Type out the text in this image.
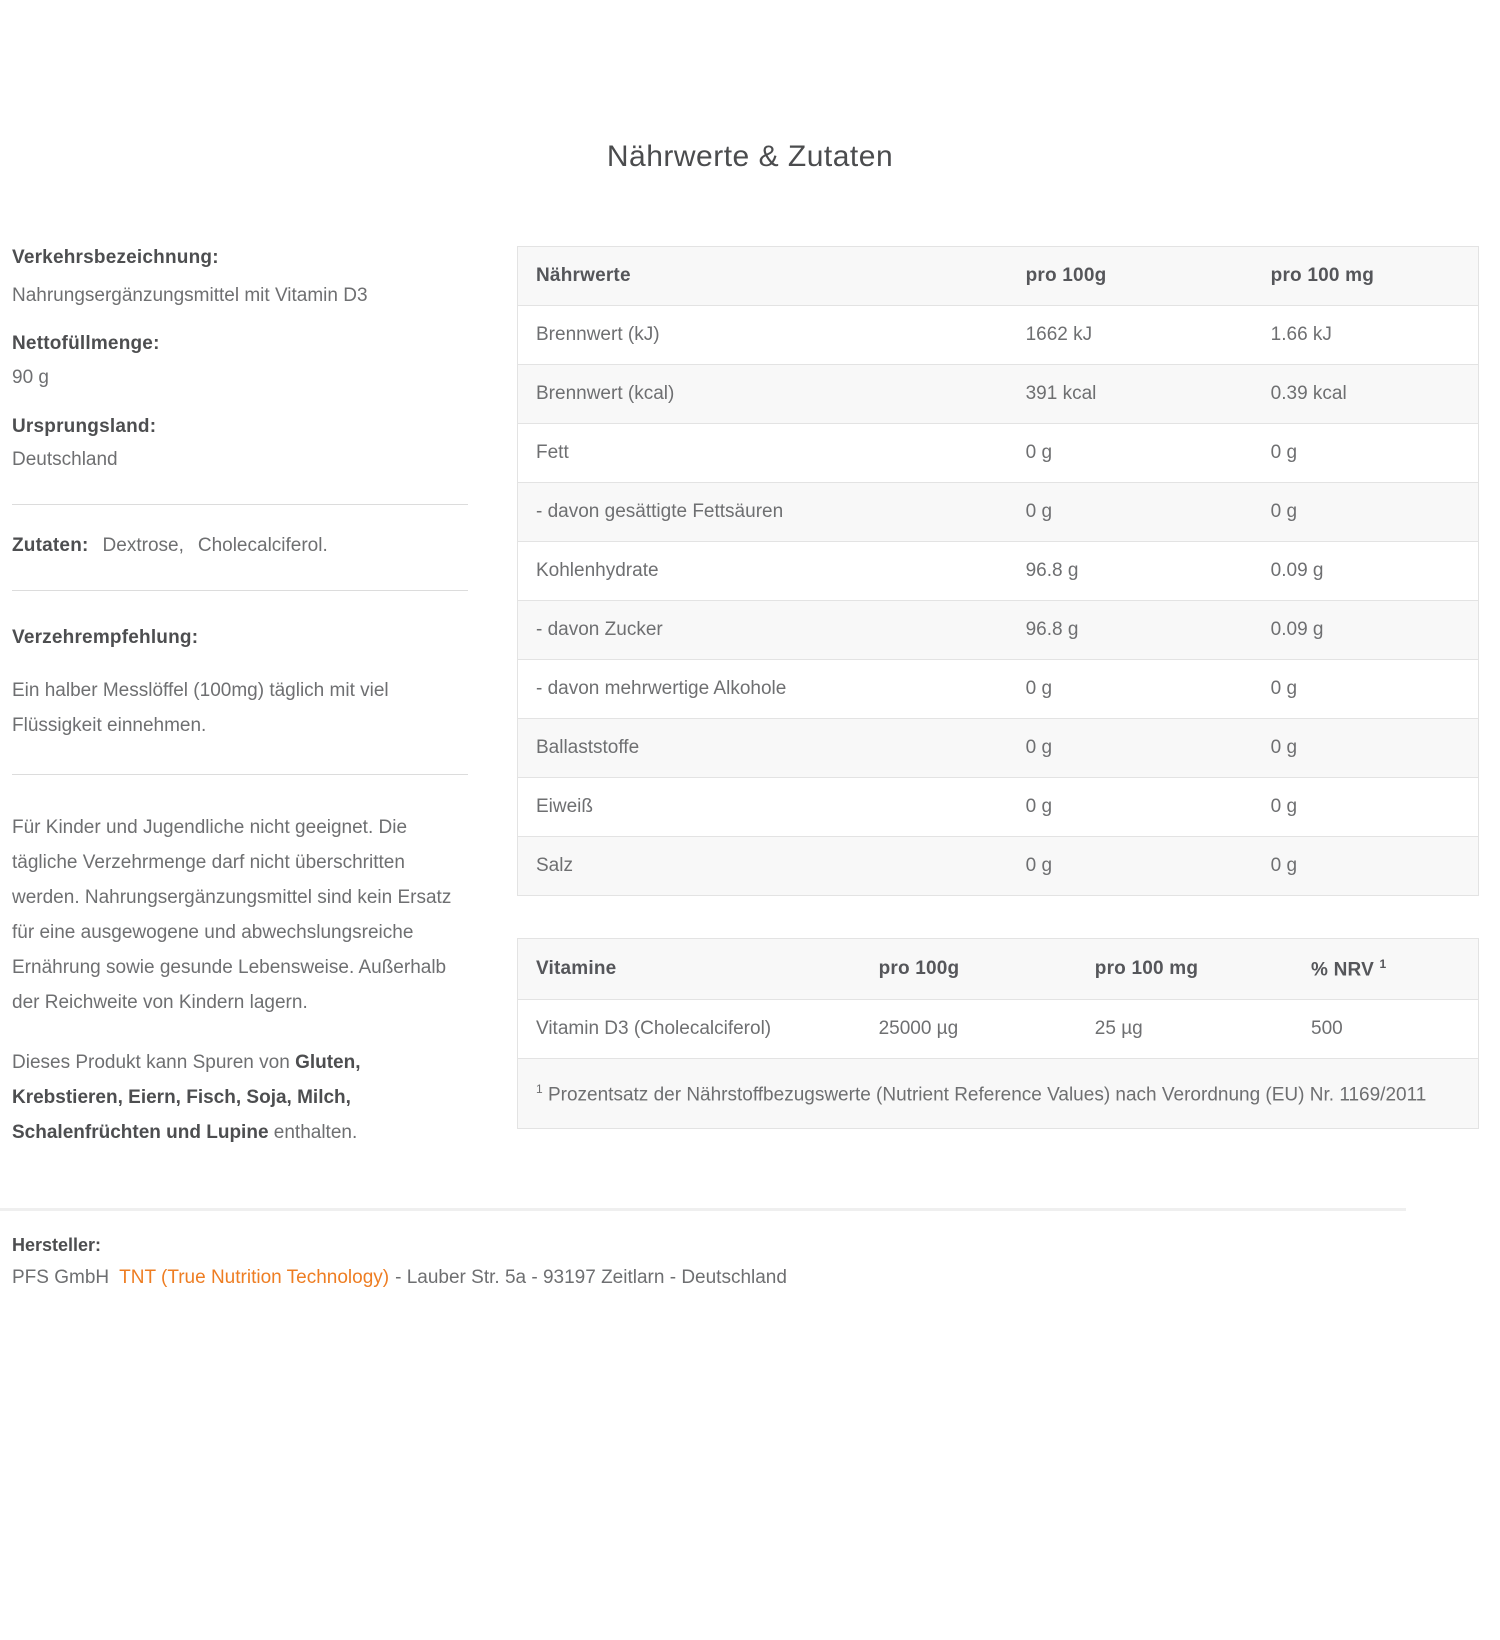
Nährwerte & Zutaten
Verkehrsbezeichnung:
Nahrungsergänzungsmittel mit Vitamin D3
Nettofüllmenge:
90 g
Ursprungsland:
Deutschland
Zutaten: Dextrose, Cholecalciferol.
Verzehrempfehlung:

Ein halber Messlöffel (100mg) täglich mit viel Flüssigkeit einnehmen.

Für Kinder und Jugendliche nicht geeignet. Die tägliche Verzehrmenge darf nicht überschritten werden. Nahrungsergänzungsmittel sind kein Ersatz für eine ausgewogene und abwechslungsreiche Ernährung sowie gesunde Lebensweise. Außerhalb der Reichweite von Kindern lagern.

Dieses Produkt kann Spuren von Gluten, Krebstieren, Eiern, Fisch, Soja, Milch, Schalenfrüchten und Lupine enthalten.

Nährwerte	pro 100g	pro 100 mg
Brennwert (kJ)	1662 kJ	1.66 kJ
Brennwert (kcal)	391 kcal	0.39 kcal
Fett	0 g	0 g
- davon gesättigte Fettsäuren	0 g	0 g
Kohlenhydrate	96.8 g	0.09 g
- davon Zucker	96.8 g	0.09 g
- davon mehrwertige Alkohole	0 g	0 g
Ballaststoffe	0 g	0 g
Eiweiß	0 g	0 g
Salz	0 g	0 g
Vitamine	pro 100g	pro 100 mg	% NRV $^1$
Vitamin D3 (Cholecalciferol)	25000 µg	25 µg	500
$^1$ Prozentsatz der Nährstoffbezugswerte (Nutrient Reference Values) nach Verordnung (EU) Nr. 1169/2011			
Hersteller:
PFS GmbH TNT (True Nutrition Technology) - Lauber Str. 5a - 93197 Zeitlarn - Deutschland
